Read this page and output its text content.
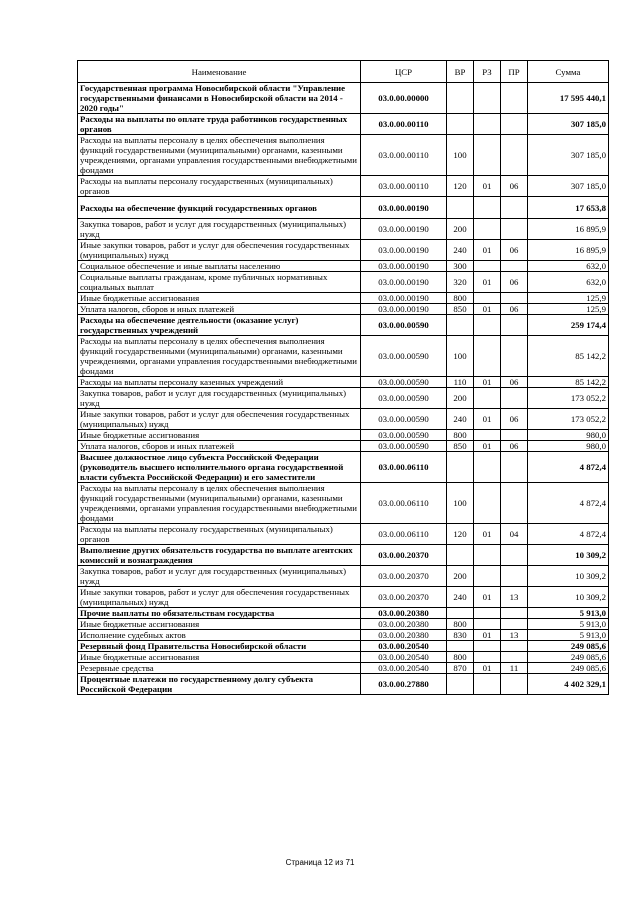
Наименование	ЦСР	ВР	РЗ	ПР	Сумма
Государственная программа Новосибирской области "Управление государственными финансами в Новосибирской области на 2014 - 2020 годы"	03.0.00.00000				17 595 440,1
Расходы на выплаты по оплате труда работников государственных органов	03.0.00.00110				307 185,0
Расходы на выплаты персоналу в целях обеспечения выполнения функций государственными (муниципальными) органами, казенными учреждениями, органами управления государственными внебюджетными фондами	03.0.00.00110	100			307 185,0
Расходы на выплаты персоналу государственных (муниципальных) органов	03.0.00.00110	120	01	06	307 185,0
Расходы на обеспечение функций государственных органов	03.0.00.00190				17 653,8
Закупка товаров, работ и услуг для государственных (муниципальных) нужд	03.0.00.00190	200			16 895,9
Иные закупки товаров, работ и услуг для обеспечения государственных (муниципальных) нужд	03.0.00.00190	240	01	06	16 895,9
Социальное обеспечение и иные выплаты населению	03.0.00.00190	300			632,0
Социальные выплаты гражданам, кроме публичных нормативных социальных выплат	03.0.00.00190	320	01	06	632,0
Иные бюджетные ассигнования	03.0.00.00190	800			125,9
Уплата налогов, сборов и иных платежей	03.0.00.00190	850	01	06	125,9
Расходы на обеспечение деятельности (оказание услуг) государственных учреждений	03.0.00.00590				259 174,4
Расходы на выплаты персоналу в целях обеспечения выполнения функций государственными (муниципальными) органами, казенными учреждениями, органами управления государственными внебюджетными фондами	03.0.00.00590	100			85 142,2
Расходы на выплаты персоналу казенных учреждений	03.0.00.00590	110	01	06	85 142,2
Закупка товаров, работ и услуг для государственных (муниципальных) нужд	03.0.00.00590	200			173 052,2
Иные закупки товаров, работ и услуг для обеспечения государственных (муниципальных) нужд	03.0.00.00590	240	01	06	173 052,2
Иные бюджетные ассигнования	03.0.00.00590	800			980,0
Уплата налогов, сборов и иных платежей	03.0.00.00590	850	01	06	980,0
Высшее должностное лицо субъекта Российской Федерации (руководитель высшего исполнительного органа государственной власти субъекта Российской Федерации) и его заместители	03.0.00.06110				4 872,4
Расходы на выплаты персоналу в целях обеспечения выполнения функций государственными (муниципальными) органами, казенными учреждениями, органами управления государственными внебюджетными фондами	03.0.00.06110	100			4 872,4
Расходы на выплаты персоналу государственных (муниципальных) органов	03.0.00.06110	120	01	04	4 872,4
Выполнение других обязательств государства по выплате агентских комиссий и вознаграждения	03.0.00.20370				10 309,2
Закупка товаров, работ и услуг для государственных (муниципальных) нужд	03.0.00.20370	200			10 309,2
Иные закупки товаров, работ и услуг для обеспечения государственных (муниципальных) нужд	03.0.00.20370	240	01	13	10 309,2
Прочие выплаты по обязательствам государства	03.0.00.20380				5 913,0
Иные бюджетные ассигнования	03.0.00.20380	800			5 913,0
Исполнение судебных актов	03.0.00.20380	830	01	13	5 913,0
Резервный фонд Правительства Новосибирской области	03.0.00.20540				249 085,6
Иные бюджетные ассигнования	03.0.00.20540	800			249 085,6
Резервные средства	03.0.00.20540	870	01	11	249 085,6
Процентные платежи по государственному долгу субъекта Российской Федерации	03.0.00.27880				4 402 329,1
Страница 12 из 71
